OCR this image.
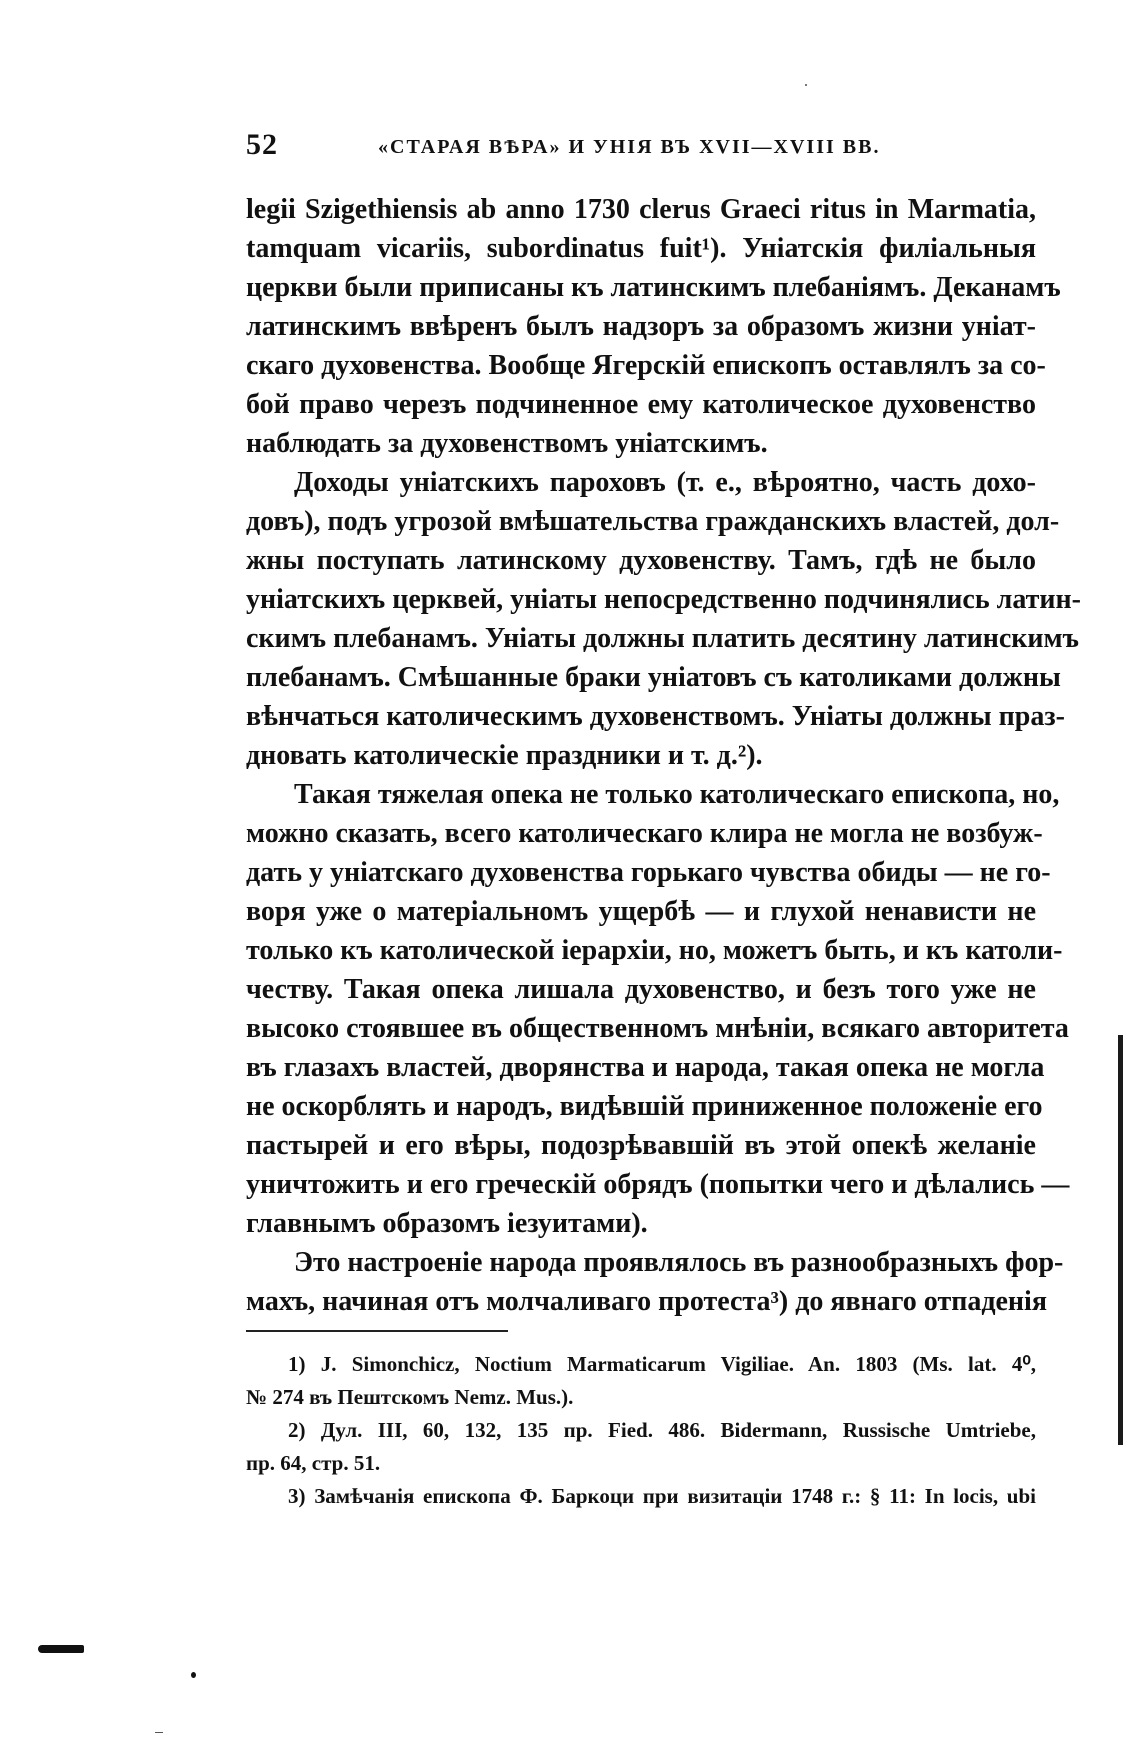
52	«СТАРАЯ ВѢРА» И УНІЯ ВЪ XVII—XVIII ВВ.
legii Szigethiensis ab anno 1730 clerus Graeci ritus in Marmatia,
tamquam vicariis, subordinatus fuit¹). Уніатскія филіальныя
церкви были приписаны къ латинскимъ плебаніямъ. Деканамъ
латинскимъ ввѣренъ былъ надзоръ за образомъ жизни уніат-
скаго духовенства. Вообще Ягерскій епископъ оставлялъ за со-
бой право черезъ подчиненное ему католическое духовенство
наблюдать за духовенствомъ уніатскимъ.
Доходы уніатскихъ пароховъ (т. е., вѣроятно, часть дохо-
довъ), подъ угрозой вмѣшательства гражданскихъ властей, дол-
жны поступать латинскому духовенству. Тамъ, гдѣ не было
уніатскихъ церквей, уніаты непосредственно подчинялись латин-
скимъ плебанамъ. Уніаты должны платить десятину латинскимъ
плебанамъ. Смѣшанные браки уніатовъ съ католиками должны
вѣнчаться католическимъ духовенствомъ. Уніаты должны праз-
дновать католическіе праздники и т. д.²).
Такая тяжелая опека не только католическаго епископа, но,
можно сказать, всего католическаго клира не могла не возбуж-
дать у уніатскаго духовенства горькаго чувства обиды — не го-
воря уже о матеріальномъ ущербѣ — и глухой ненависти не
только къ католической іерархіи, но, можетъ быть, и къ католи-
честву. Такая опека лишала духовенство, и безъ того уже не
высоко стоявшее въ общественномъ мнѣніи, всякаго авторитета
въ глазахъ властей, дворянства и народа, такая опека не могла
не оскорблять и народъ, видѣвшій приниженное положеніе его
пастырей и его вѣры, подозрѣвавшій въ этой опекѣ желаніе
уничтожить и его греческій обрядъ (попытки чего и дѣлались —
главнымъ образомъ іезуитами).
Это настроеніе народа проявлялось въ разнообразныхъ фор-
махъ, начиная отъ молчаливаго протеста³) до явнаго отпаденія
1) J. Simonchicz, Noctium Marmaticarum Vigiliae. An. 1803 (Ms. lat. 4⁰,
№ 274 въ Пештскомъ Nemz. Mus.).
2) Дул. III, 60, 132, 135 пр. Fied. 486. Bidermann, Russische Umtriebe,
пр. 64, стр. 51.
3) Замѣчанія епископа Ф. Баркоци при визитаціи 1748 г.: § 11: In locis, ubi
